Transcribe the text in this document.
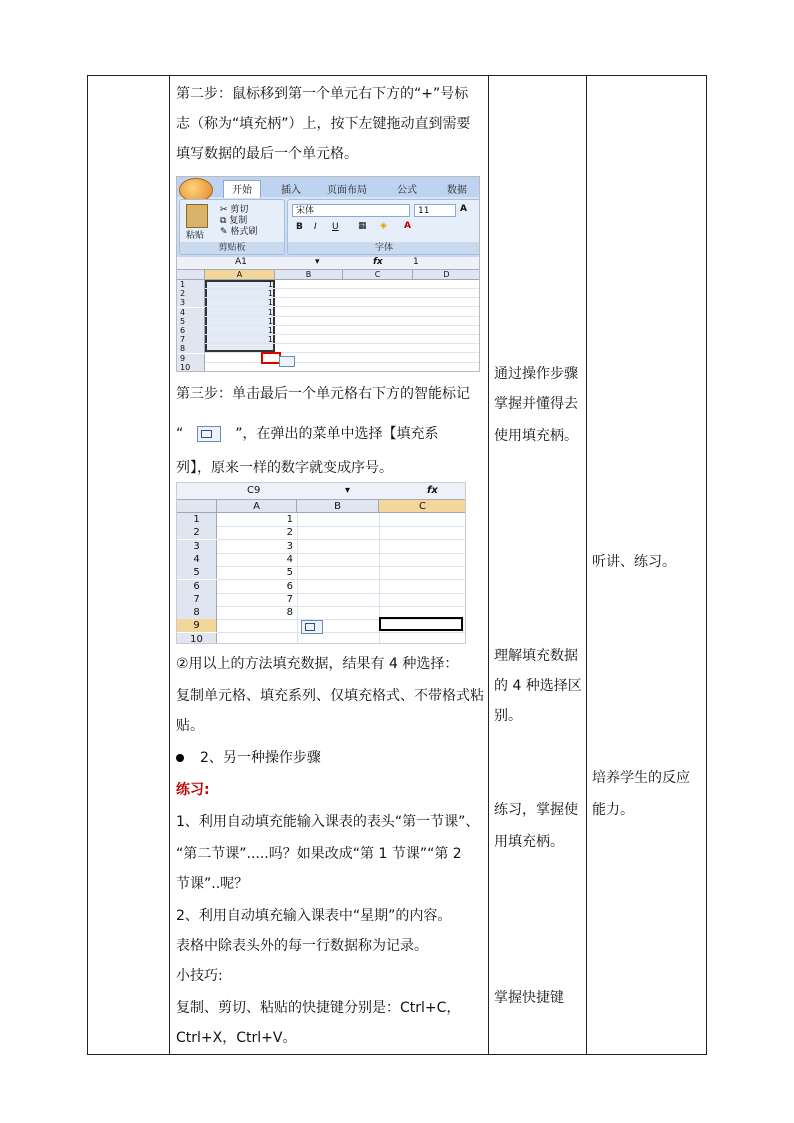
第二步：鼠标移到第一个单元右下方的“+”号标
志（称为“填充柄”）上，按下左键拖动直到需要
填写数据的最后一个单元格。
开始	插入	页面布局	公式	数据
粘贴
✂ 剪切
⧉ 复制
✎ 格式刷
剪贴板
宋体	11	A
B I U ▦ ◈ A
字体
A1	▾	fx	1
A	B	C	D
1	1
2	1
3	1
4	1
5	1
6	1
7	1
8
9
10
第三步：单击最后一个单元格右下方的智能标记
“	”，在弹出的菜单中选择【填充系
列】，原来一样的数字就变成序号。
C9	▾	fx
A	B	C
1	1
2	2
3	3
4	4
5	5
6	6
7	7
8	8
9
10
②用以上的方法填充数据，结果有 4 种选择：
复制单元格、填充系列、仅填充格式、不带格式粘
贴。
2、另一种操作步骤
练习:
1、利用自动填充能输入课表的表头“第一节课”、
“第二节课”.....吗？如果改成“第 1 节课”“第 2
节课”..呢？
2、利用自动填充输入课表中“星期”的内容。
表格中除表头外的每一行数据称为记录。
小技巧:
复制、剪切、粘贴的快捷键分别是：Ctrl+C，
Ctrl+X，Ctrl+V。
通过操作步骤
掌握并懂得去
使用填充柄。
理解填充数据
的 4 种选择区
别。
练习，掌握使
用填充柄。
掌握快捷键
听讲、练习。
培养学生的反应
能力。
